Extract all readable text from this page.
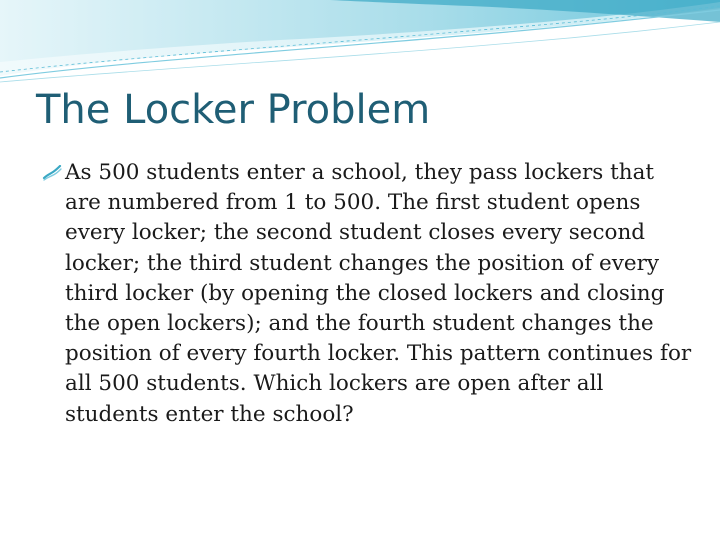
The Locker Problem
As 500 students enter a school, they pass lockers that are numbered from 1 to 500. The first student opens every locker; the second student closes every second locker; the third student changes the position of every third locker (by opening the closed lockers and closing the open lockers); and the fourth student changes the position of every fourth locker. This pattern continues for all 500 students. Which lockers are open after all students enter the school?
